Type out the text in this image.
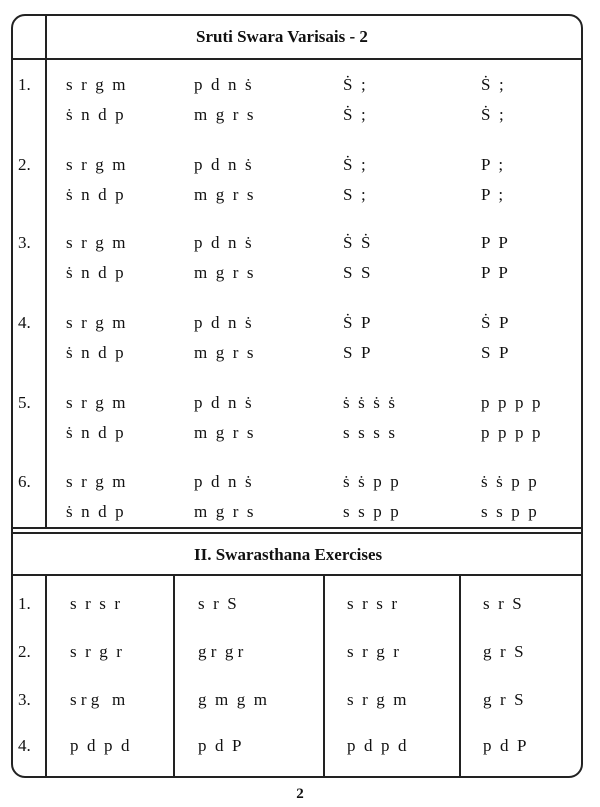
Sruti Swara Varisais - 2
1. s  r  g  m	p  d  n  ṡ	Ṡ  ;	Ṡ  ;
ṡ  n  d  p	m  g  r  s	Ṡ  ;	Ṡ  ;
2. s  r  g  m	p  d  n  ṡ	Ṡ  ;	P  ;
ṡ  n  d  p	m  g  r  s	S  ;	P  ;
3. s  r  g  m	p  d  n  ṡ	Ṡ  Ṡ	P  P
ṡ  n  d  p	m  g  r  s	S  S	P  P
4. s  r  g  m	p  d  n  ṡ	Ṡ  P	Ṡ  P
ṡ  n  d  p	m  g  r  s	S  P	S  P
5. s  r  g  m	p  d  n  ṡ	ṡ  ṡ  ṡ  ṡ	p  p  p  p
ṡ  n  d  p	m  g  r  s	s  s  s  s	p  p  p  p
6. s  r  g  m	p  d  n  ṡ	ṡ  ṡ  p  p	ṡ  ṡ  p  p
ṡ  n  d  p	m  g  r  s	s  s  p  p	s  s  p  p
II. Swarasthana Exercises
1. s  r  s  r	s  r  S	s  r  s  r	s  r  S
2. s  r  g  r	g r  g r	s  r  g  r	g  r  S
3. s r g   m	g  m  g  m	s  r  g  m	g  r  S
4. p  d  p  d	p  d  P	p  d  p  d	p  d  P
2
